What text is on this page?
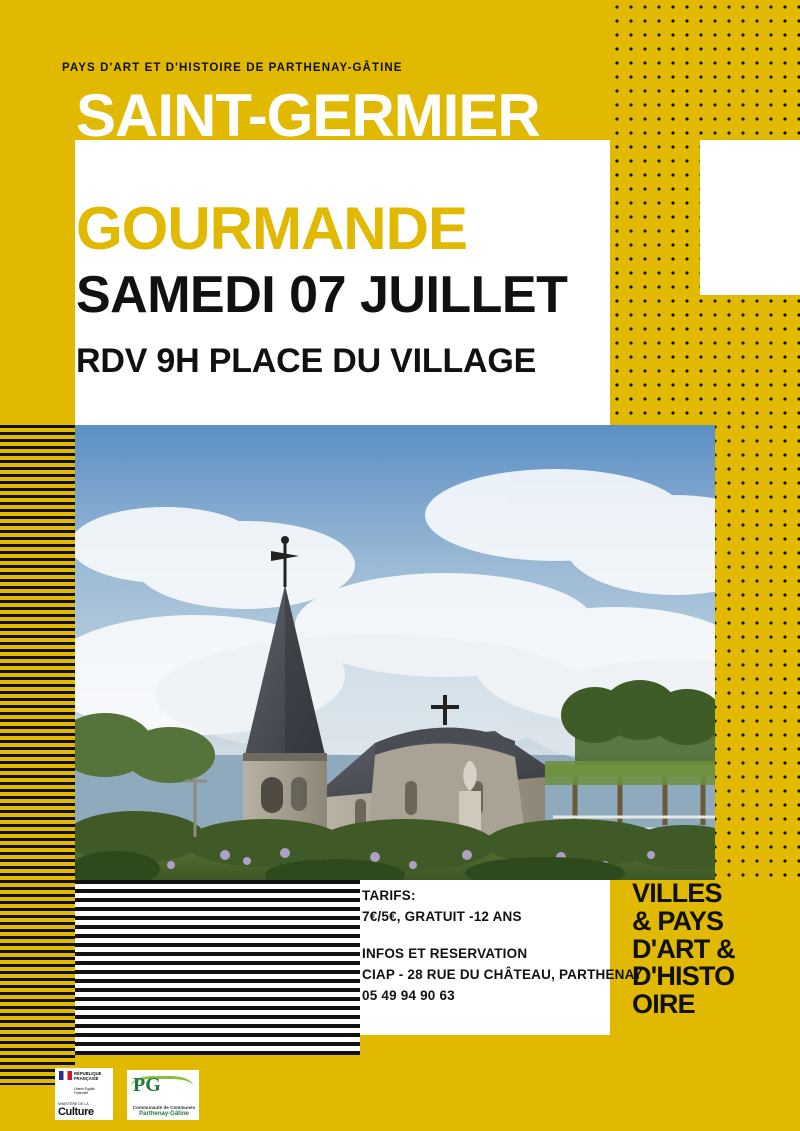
PAYS D'ART ET D'HISTOIRE DE PARTHENAY-GÂTINE
SAINT-GERMIER
MARCHE
GOURMANDE
SAMEDI 07 JUILLET
RDV 9H PLACE DU VILLAGE
TARIFS:
7€/5€, GRATUIT -12 ANS
INFOS ET RESERVATION
CIAP - 28 RUE DU CHÂTEAU, PARTHENAY
05 49 94 90 63
VILLES
& PAYS
D'ART &
D'HISTO
OIRE
RÉPUBLIQUE FRANÇAISE
Liberté Égalité Fraternité
MINISTÈRE DE LA
Culture
PG
Communauté de Communes
Parthenay-Gâtine
